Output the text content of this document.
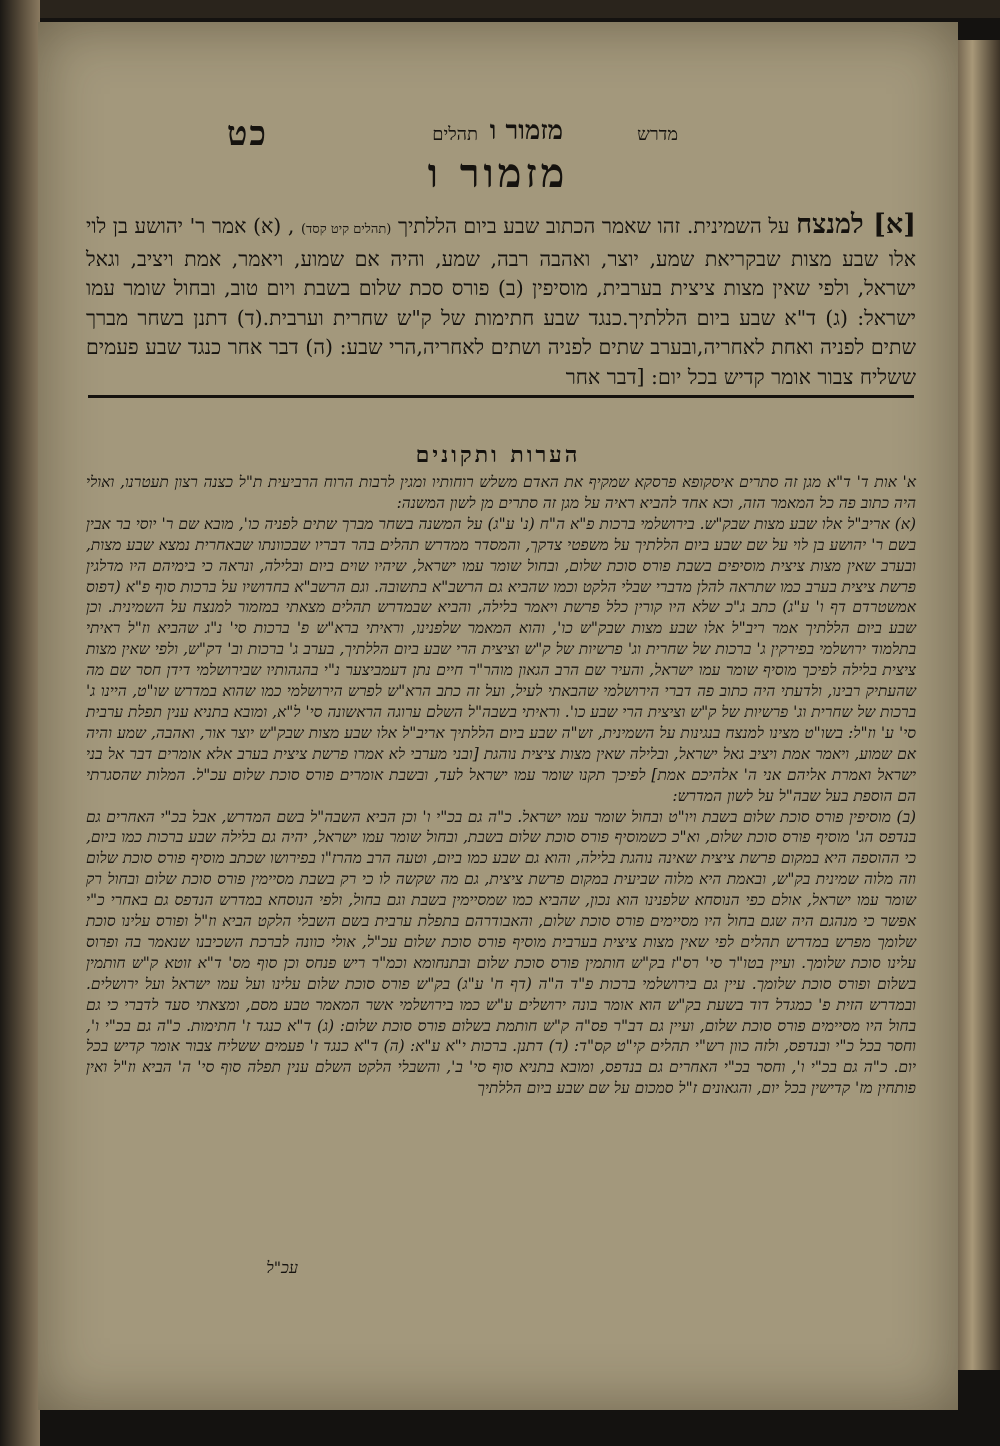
כט	תהלים מזמור ו	מדרש
מזמור ו
[א] למנצח על השמינית. זהו שאמר הכתוב שבע ביום הללתיך (תהלים קיט קסד) , (א) אמר ר' יהושע בן לוי אלו שבע מצות שבקריאת שמע, יוצר, ואהבה רבה, שמע, והיה אם שמוע, ויאמר, אמת ויציב, וגאל ישראל, ולפי שאין מצות ציצית בערבית, מוסיפין (ב) פורס סכת שלום בשבת ויום טוב, ובחול שומר עמו ישראל: (ג) ד"א שבע ביום הללתיך.כנגד שבע חתימות של ק"ש שחרית וערבית.(ד) דתנן בשחר מברך שתים לפניה ואחת לאחריה,ובערב שתים לפניה ושתים לאחריה,הרי שבע: (ה) דבר אחר כנגד שבע פעמים ששליח צבור אומר קדיש בכל יום: [דבר אחר
הערות ותקונים

א' אות ד' ד"א מגן זה סתרים איסקופא פרסקא שמקיף את האדם משלש רוחותיו ומגין לרבות הרוח הרביעית ת"ל כצנה רצון תעטרנו, ואולי היה כתוב פה כל המאמר הזה, וכא אחד להביא ראיה על מגן זה סתרים מן לשון המשנה:

(א) אריב"ל אלו שבע מצות שבק"ש. בירושלמי ברכות פ"א ה"ח (נ' ע"ג) על המשנה בשחר מברך שתים לפניה כו', מובא שם ר' יוסי בר אבין בשם ר' יהושע בן לוי על שם שבע ביום הללתיך על משפטי צדקך, והמסדר ממדרש תהלים בהר דבריו שבכוונתו שבאחרית נמצא שבע מצות, ובערב שאין מצות ציצית מוסיפים בשבת פורס סוכת שלום, ובחול שומר עמו ישראל, שיהיו שוים ביום ובלילה, ונראה כי בימיהם היו מדלגין פרשת ציצית בערב כמו שתראה להלן מדברי שבלי הלקט וכמו שהביא גם הרשב"א בתשובה. וגם הרשב"א בחדושיו על ברכות סוף פ"א (דפוס אמשטרדם דף ו' ע"ג) כתב ג"כ שלא היו קורין כלל פרשת ויאמר בלילה, והביא שבמדרש תהלים מצאתי במזמור למנצח על השמינית. וכן שבע ביום הללתיך אמר ריב"ל אלו שבע מצות שבק"ש כו', והוא המאמר שלפנינו, וראיתי ברא"ש פ' ברכות סי' נ"ג שהביא וז"ל ראיתי בתלמוד ירושלמי בפירקין ג' ברכות של שחרית וג' פרשיות של ק"ש וציצית הרי שבע ביום הללתיך, בערב ג' ברכות וב' דק"ש, ולפי שאין מצות ציצית בלילה לפיכך מוסיף שומר עמו ישראל, והעיר שם הרב הגאון מוהר"ר חיים נתן דעמביצער נ"י בהגהותיו שבירושלמי דידן חסר שם מה שהעתיק רבינו, ולדעתי היה כתוב פה דברי הירושלמי שהבאתי לעיל, ועל זה כתב הרא"ש לפרש הירושלמי כמו שהוא במדרש שו"ט, היינו ג' ברכות של שחרית וג' פרשיות של ק"ש וציצית הרי שבע כו'. וראיתי בשבה"ל השלם ערוגה הראשונה סי' ל"א, ומובא בתניא ענין תפלת ערבית סי' ע' וז"ל: בשו"ט מצינו למנצח בנגינות על השמינית, זש"ה שבע ביום הללתיך אריב"ל אלו שבע מצות שבק"ש יוצר אור, ואהבה, שמע והיה אם שמוע, ויאמר אמת ויציב גאל ישראל, ובלילה שאין מצות ציצית נוהגת [ובני מערבי לא אמרו פרשת ציצית בערב אלא אומרים דבר אל בני ישראל ואמרת אליהם אני ה' אלהיכם אמת] לפיכך תקנו שומר עמו ישראל לעד, ובשבת אומרים פורס סוכת שלום עכ"ל. המלות שהסגרתי הם הוספת בעל שבה"ל על לשון המדרש:

(ב) מוסיפין פורס סוכת שלום בשבת ויו"ט ובחול שומר עמו ישראל. כ"ה גם בכ"י ו' וכן הביא השבה"ל בשם המדרש, אבל בכ"י האחרים גם בנדפס הג' מוסיף פורס סוכת שלום, וא"כ כשמוסיף פורס סוכת שלום בשבת, ובחול שומר עמו ישראל, יהיה גם בלילה שבע ברכות כמו ביום, כי ההוספה היא במקום פרשת ציצית שאינה נוהגת בלילה, והוא גם שבע כמו ביום, וטעה הרב מהרז"ו בפירושו שכתב מוסיף פורס סוכת שלום וזה מלוה שמינית בק"ש, ובאמת היא מלוה שביעית במקום פרשת ציצית, גם מה שקשה לו כי רק בשבת מסיימין פורס סוכת שלום ובחול רק שומר עמו ישראל, אולם כפי הנוסחא שלפנינו הוא נכון, שהביא כמו שמסיימין בשבת וגם בחול, ולפי הנוסחא במדרש הנדפס גם באחרי כ"י אפשר כי מנהגם היה שגם בחול היו מסיימים פורס סוכת שלום, והאבודרהם בתפלת ערבית בשם השבלי הלקט הביא וז"ל ופורס עלינו סוכת שלומך מפרש במדרש תהלים לפי שאין מצות ציצית בערבית מוסיף פורס סוכת שלום עכ"ל, אולי כוונה לברכת השכיבנו שנאמר בה ופרוס עלינו סוכת שלומך. ועיין בטו"ר סי' רס"ז בק"ש חותמין פורס סוכת שלום ובתנחומא וכמ"ר ריש פנחס וכן סוף מס' ד"א זוטא ק"ש חותמין בשלום ופורס סוכת שלומך. עיין גם בירושלמי ברכות פ"ד ה"ה (דף ח' ע"ג) בק"ש פורס סוכת שלום עלינו ועל עמו ישראל ועל ירושלים. ובמדרש הזית פ' כמגדל דוד בשעת בק"ש הוא אומר בונה ירושלים ע"ש כמו בירושלמי אשר המאמר טבע מסם, ומצאתי סעד לדברי כי גם בחול היו מסיימים פורס סוכת שלום, ועיין גם דב"ר פס"ה ק"ש חותמת בשלום פורס סוכת שלום: (ג) ד"א כנגד ז' חתימות. כ"ה גם בכ"י ו', וחסר בכל כ"י ובנדפס, ולזה כוון רש"י תהלים קי"ט קס"ד: (ד) דתנן. ברכות י"א ע"א: (ה) ד"א כנגד ז' פעמים ששליח צבור אומר קדיש בכל יום. כ"ה גם בכ"י ו', וחסר בכ"י האחרים גם בנדפס, ומובא בתניא סוף סי' ב', והשבלי הלקט השלם ענין תפלה סוף סי' ה' הביא וז"ל ואין פותחין מז' קדישין בכל יום, והגאונים ז"ל סמכום על שם שבע ביום הללתיך

עכ"ל
